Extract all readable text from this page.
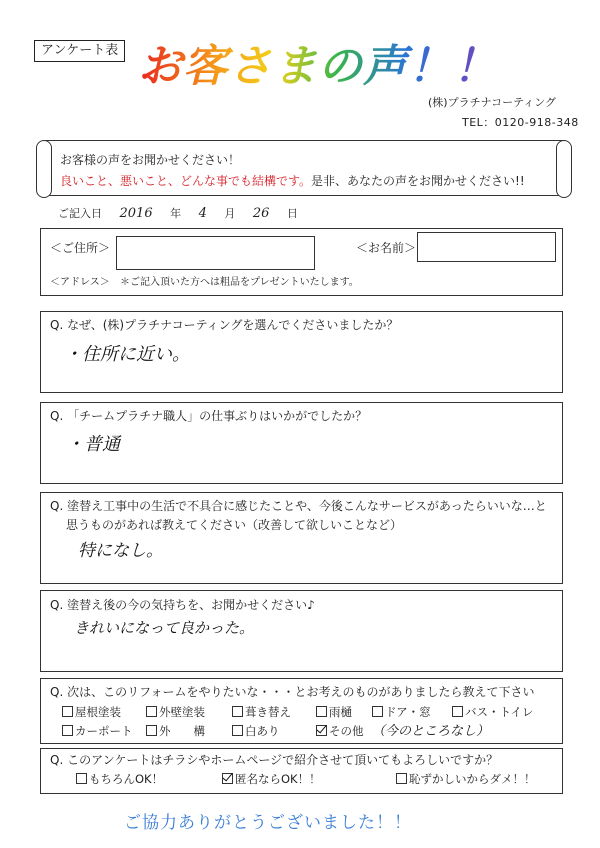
アンケート表 お客さまの声！！
(株)プラチナコーティング
TEL：0120-918-348
お客様の声をお聞かせください！
良いこと、悪いこと、どんな事でも結構です。是非、あなたの声をお聞かせください!!
ご記入日 2016 年 4 月 26 日
＜ご住所＞	＜お名前＞
＜アドレス＞ ＊ご記入頂いた方へは粗品をプレゼントいたします。
Q. なぜ、(株)プラチナコーティングを選んでくださいましたか？
・住所に近い。
Q. 「チームプラチナ職人」の仕事ぶりはいかがでしたか？
・普通
Q. 塗替え工事中の生活で不具合に感じたことや、今後こんなサービスがあったらいいな…と
思うものがあれば教えてください（改善して欲しいことなど）
特になし。
Q. 塗替え後の今の気持ちを、お聞かせください♪
きれいになって良かった。
Q. 次は、このリフォームをやりたいな・・・とお考えのものがありましたら教えて下さい
屋根塗装	外壁塗装	葺き替え	雨樋	ドア・窓	バス・トイレ
カーポート	外　　構	白あり	その他 （今のところなし）
Q. このアンケートはチラシやホームページで紹介させて頂いてもよろしいですか？
もちろんOK！	匿名ならOK！！	恥ずかしいからダメ！！
ご協力ありがとうございました！！
